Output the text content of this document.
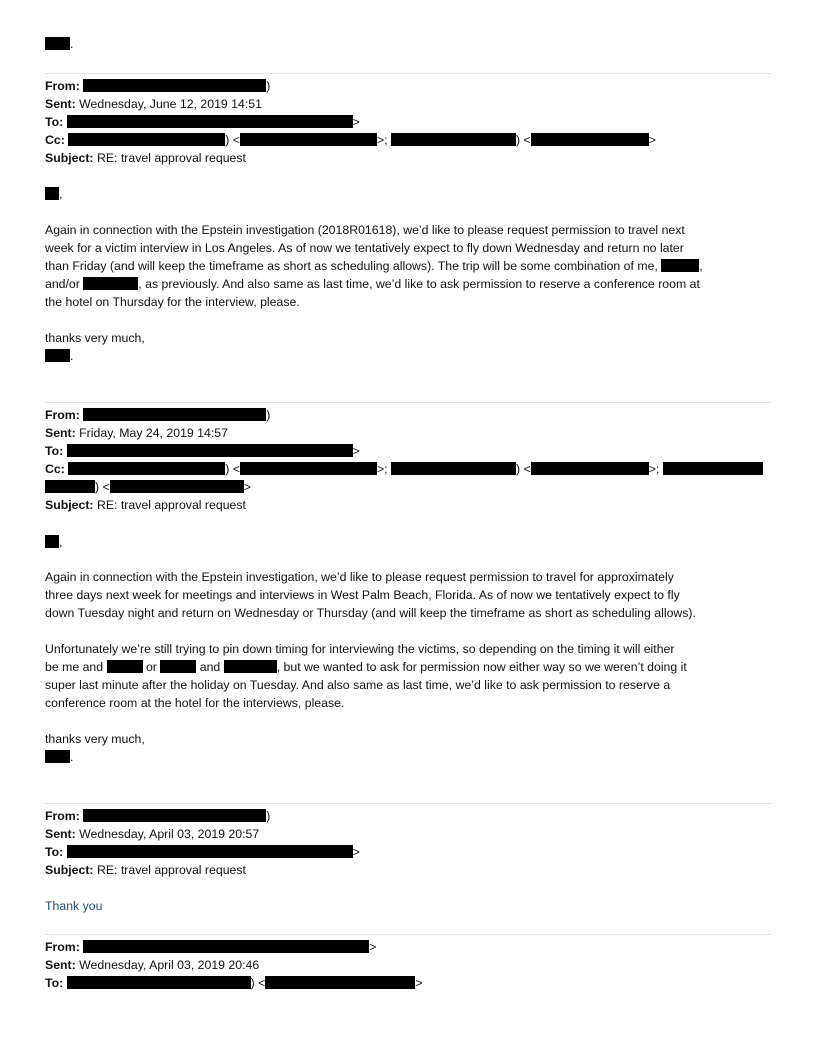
.
From:	)
Sent: Wednesday, June 12, 2019 14:51
To:	>
Cc:	) <	>;	) <	>
Subject: RE: travel approval request
,
Again in connection with the Epstein investigation (2018R01618), we’d like to please request permission to travel next
week for a victim interview in Los Angeles. As of now we tentatively expect to fly down Wednesday and return no later
than Friday (and will keep the timeframe as short as scheduling allows). The trip will be some combination of me,	,
and/or	, as previously. And also same as last time, we’d like to ask permission to reserve a conference room at
the hotel on Thursday for the interview, please.
thanks very much,
.
From:	)
Sent: Friday, May 24, 2019 14:57
To:	>
Cc:	) <	>;	) <	>;
) <	>
Subject: RE: travel approval request
,
Again in connection with the Epstein investigation, we’d like to please request permission to travel for approximately
three days next week for meetings and interviews in West Palm Beach, Florida. As of now we tentatively expect to fly
down Tuesday night and return on Wednesday or Thursday (and will keep the timeframe as short as scheduling allows).
Unfortunately we’re still trying to pin down timing for interviewing the victims, so depending on the timing it will either
be me and	or	and	, but we wanted to ask for permission now either way so we weren’t doing it
super last minute after the holiday on Tuesday. And also same as last time, we’d like to ask permission to reserve a
conference room at the hotel for the interviews, please.
thanks very much,
.
From:	)
Sent: Wednesday, April 03, 2019 20:57
To:	>
Subject: RE: travel approval request
Thank you
From:	>
Sent: Wednesday, April 03, 2019 20:46
To:	) <	>
